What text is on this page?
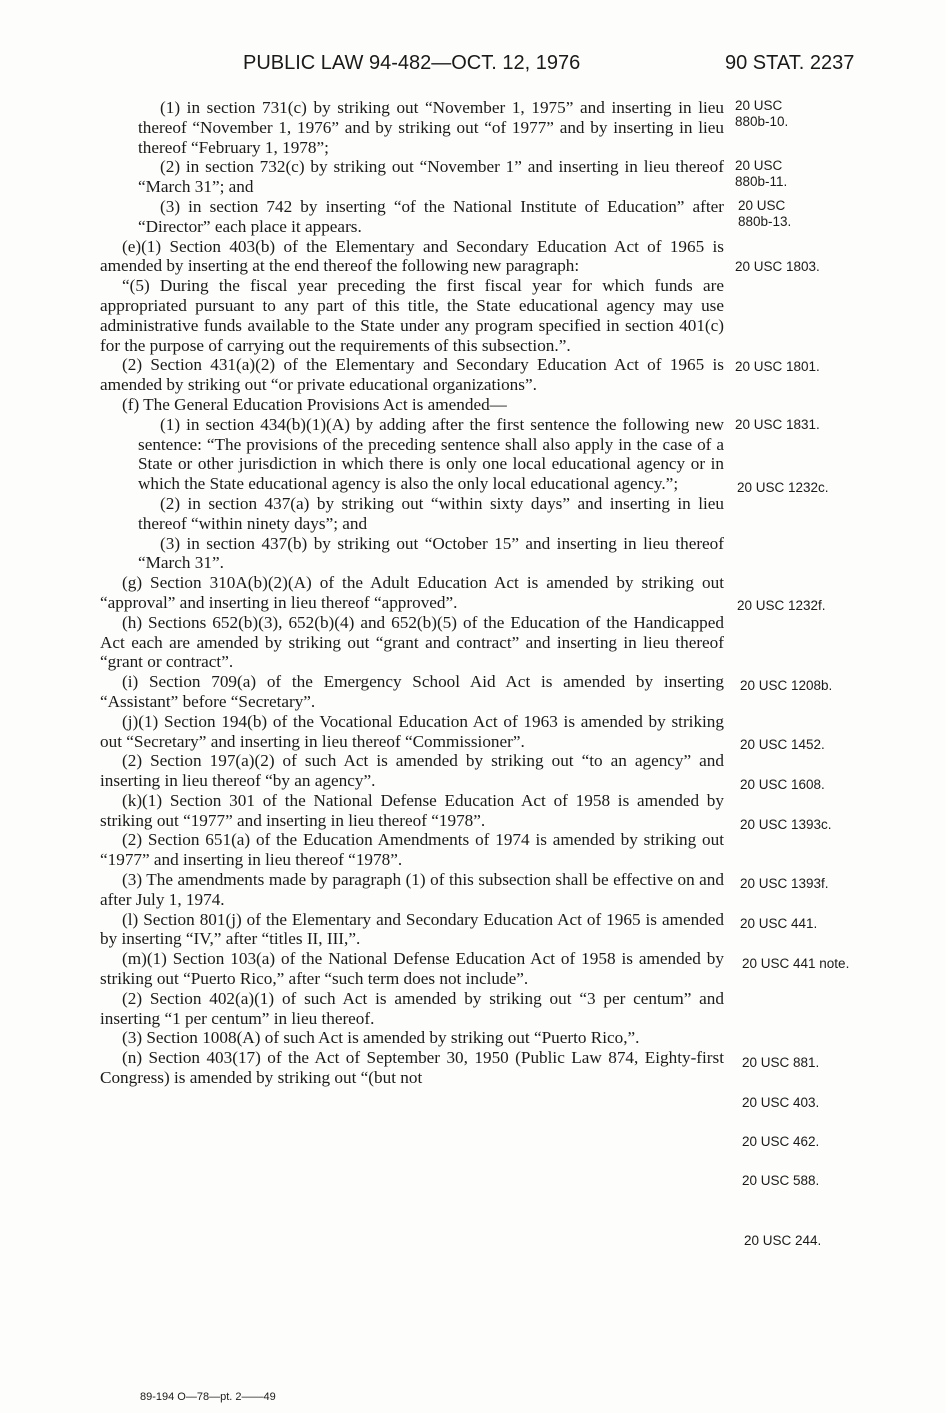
PUBLIC LAW 94-482—OCT. 12, 1976	90 STAT. 2237

(1) in section 731(c) by striking out “November 1, 1975” and inserting in lieu thereof “November 1, 1976” and by striking out “of 1977” and by inserting in lieu thereof “February 1, 1978”;

(2) in section 732(c) by striking out “November 1” and inserting in lieu thereof “March 31”; and

(3) in section 742 by inserting “of the National Institute of Education” after “Director” each place it appears.

(e)(1) Section 403(b) of the Elementary and Secondary Education Act of 1965 is amended by inserting at the end thereof the following new paragraph:

“(5) During the fiscal year preceding the first fiscal year for which funds are appropriated pursuant to any part of this title, the State educational agency may use administrative funds available to the State under any program specified in section 401(c) for the purpose of carrying out the requirements of this subsection.”.

(2) Section 431(a)(2) of the Elementary and Secondary Education Act of 1965 is amended by striking out “or private educational organizations”.

(f) The General Education Provisions Act is amended—

(1) in section 434(b)(1)(A) by adding after the first sentence the following new sentence: “The provisions of the preceding sentence shall also apply in the case of a State or other jurisdiction in which there is only one local educational agency or in which the State educational agency is also the only local educational agency.”;

(2) in section 437(a) by striking out “within sixty days” and inserting in lieu thereof “within ninety days”; and

(3) in section 437(b) by striking out “October 15” and inserting in lieu thereof “March 31”.

(g) Section 310A(b)(2)(A) of the Adult Education Act is amended by striking out “approval” and inserting in lieu thereof “approved”.

(h) Sections 652(b)(3), 652(b)(4) and 652(b)(5) of the Education of the Handicapped Act each are amended by striking out “grant and contract” and inserting in lieu thereof “grant or contract”.

(i) Section 709(a) of the Emergency School Aid Act is amended by inserting “Assistant” before “Secretary”.

(j)(1) Section 194(b) of the Vocational Education Act of 1963 is amended by striking out “Secretary” and inserting in lieu thereof “Commissioner”.

(2) Section 197(a)(2) of such Act is amended by striking out “to an agency” and inserting in lieu thereof “by an agency”.

(k)(1) Section 301 of the National Defense Education Act of 1958 is amended by striking out “1977” and inserting in lieu thereof “1978”.

(2) Section 651(a) of the Education Amendments of 1974 is amended by striking out “1977” and inserting in lieu thereof “1978”.

(3) The amendments made by paragraph (1) of this subsection shall be effective on and after July 1, 1974.

(l) Section 801(j) of the Elementary and Secondary Education Act of 1965 is amended by inserting “IV,” after “titles II, III,”.

(m)(1) Section 103(a) of the National Defense Education Act of 1958 is amended by striking out “Puerto Rico,” after “such term does not include”.

(2) Section 402(a)(1) of such Act is amended by striking out “3 per centum” and inserting “1 per centum” in lieu thereof.

(3) Section 1008(A) of such Act is amended by striking out “Puerto Rico,”.

(n) Section 403(17) of the Act of September 30, 1950 (Public Law 874, Eighty-first Congress) is amended by striking out “(but not

20 USC
880b-10.
20 USC
880b-11.
20 USC
880b-13.
20 USC 1803.
20 USC 1801.
20 USC 1831.
20 USC 1232c.
20 USC 1232f.
20 USC 1208b.
20 USC 1452.
20 USC 1608.
20 USC 1393c.
20 USC 1393f.
20 USC 441.
20 USC 441 note.
20 USC 881.
20 USC 403.
20 USC 462.
20 USC 588.
20 USC 244.
89-194 O—78—pt. 2——49
